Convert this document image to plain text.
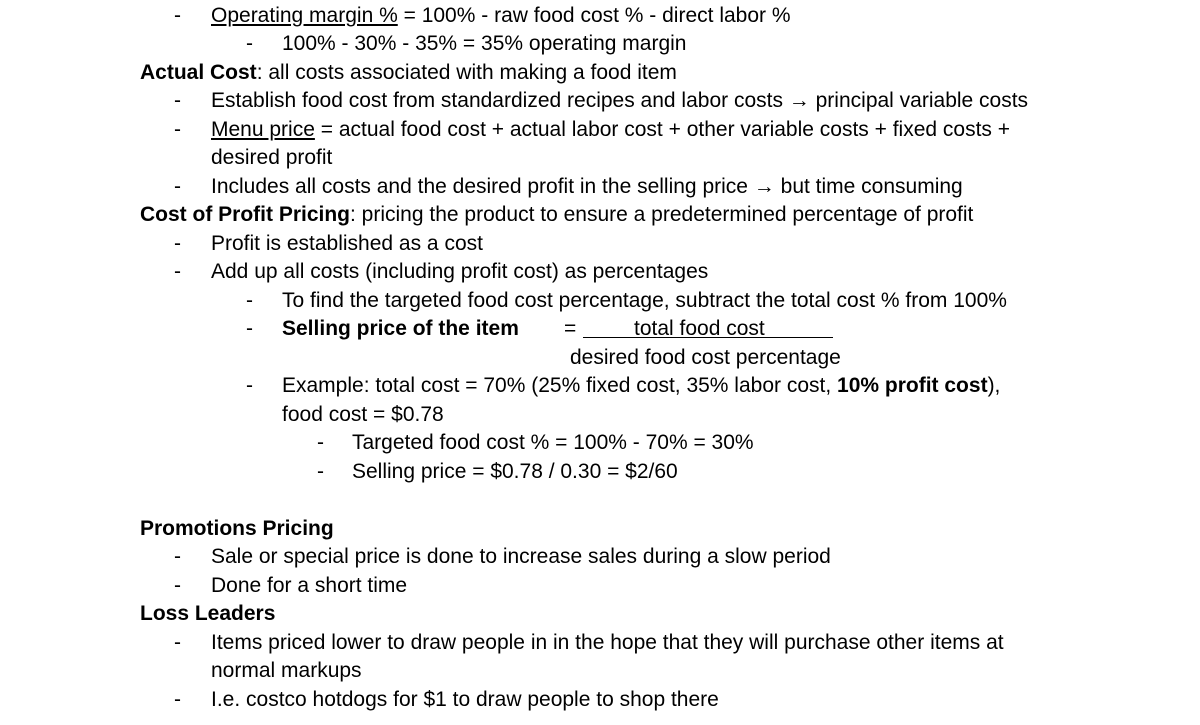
- Operating margin % = 100% - raw food cost % - direct labor %
- 100% - 30% - 35% = 35% operating margin
Actual Cost: all costs associated with making a food item
- Establish food cost from standardized recipes and labor costs → principal variable costs
- Menu price = actual food cost + actual labor cost + other variable costs + fixed costs +
desired profit
- Includes all costs and the desired profit in the selling price → but time consuming
Cost of Profit Pricing: pricing the product to ensure a predetermined percentage of profit
- Profit is established as a cost
- Add up all costs (including profit cost) as percentages
- To find the targeted food cost percentage, subtract the total cost % from 100%
- Selling price of the item =	total food cost
desired food cost percentage
- Example: total cost = 70% (25% fixed cost, 35% labor cost, 10% profit cost),
food cost = $0.78
- Targeted food cost % = 100% - 70% = 30%
- Selling price = $0.78 / 0.30 = $2/60
Promotions Pricing
- Sale or special price is done to increase sales during a slow period
- Done for a short time
Loss Leaders
- Items priced lower to draw people in in the hope that they will purchase other items at
normal markups
- I.e. costco hotdogs for $1 to draw people to shop there
